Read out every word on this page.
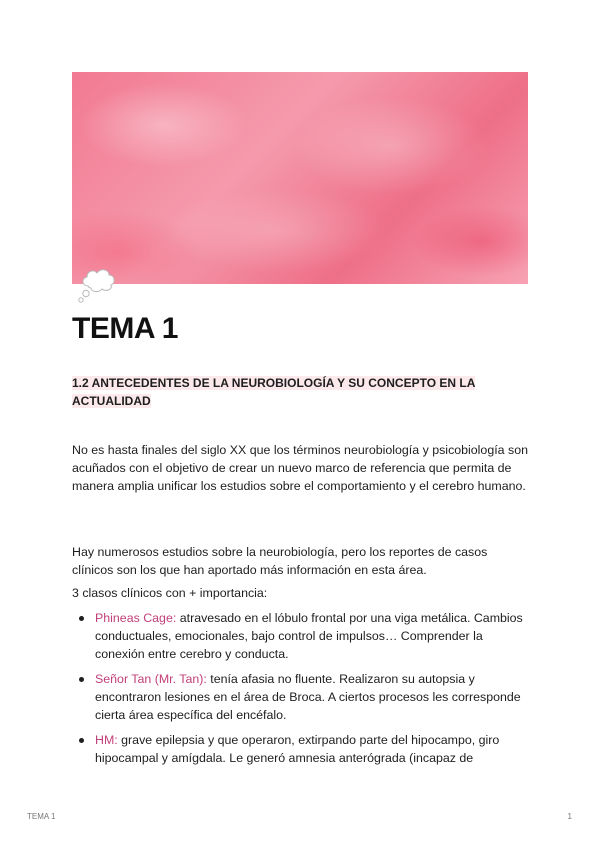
TEMA 1

1.2 ANTECEDENTES DE LA NEUROBIOLOGÍA Y SU CONCEPTO EN LA ACTUALIDAD

No es hasta finales del siglo XX que los términos neurobiología y psicobiología son acuñados con el objetivo de crear un nuevo marco de referencia que permita de manera amplia unificar los estudios sobre el comportamiento y el cerebro humano.

Hay numerosos estudios sobre la neurobiología, pero los reportes de casos clínicos son los que han aportado más información en esta área.

3 clasos clínicos con + importancia:

Phineas Cage: atravesado en el lóbulo frontal por una viga metálica. Cambios conductuales, emocionales, bajo control de impulsos… Comprender la conexión entre cerebro y conducta.
Señor Tan (Mr. Tan): tenía afasia no fluente. Realizaron su autopsia y encontraron lesiones en el área de Broca. A ciertos procesos les corresponde cierta área específica del encéfalo.
HM: grave epilepsia y que operaron, extirpando parte del hipocampo, giro hipocampal y amígdala. Le generó amnesia anterógrada (incapaz de
TEMA 1	1
